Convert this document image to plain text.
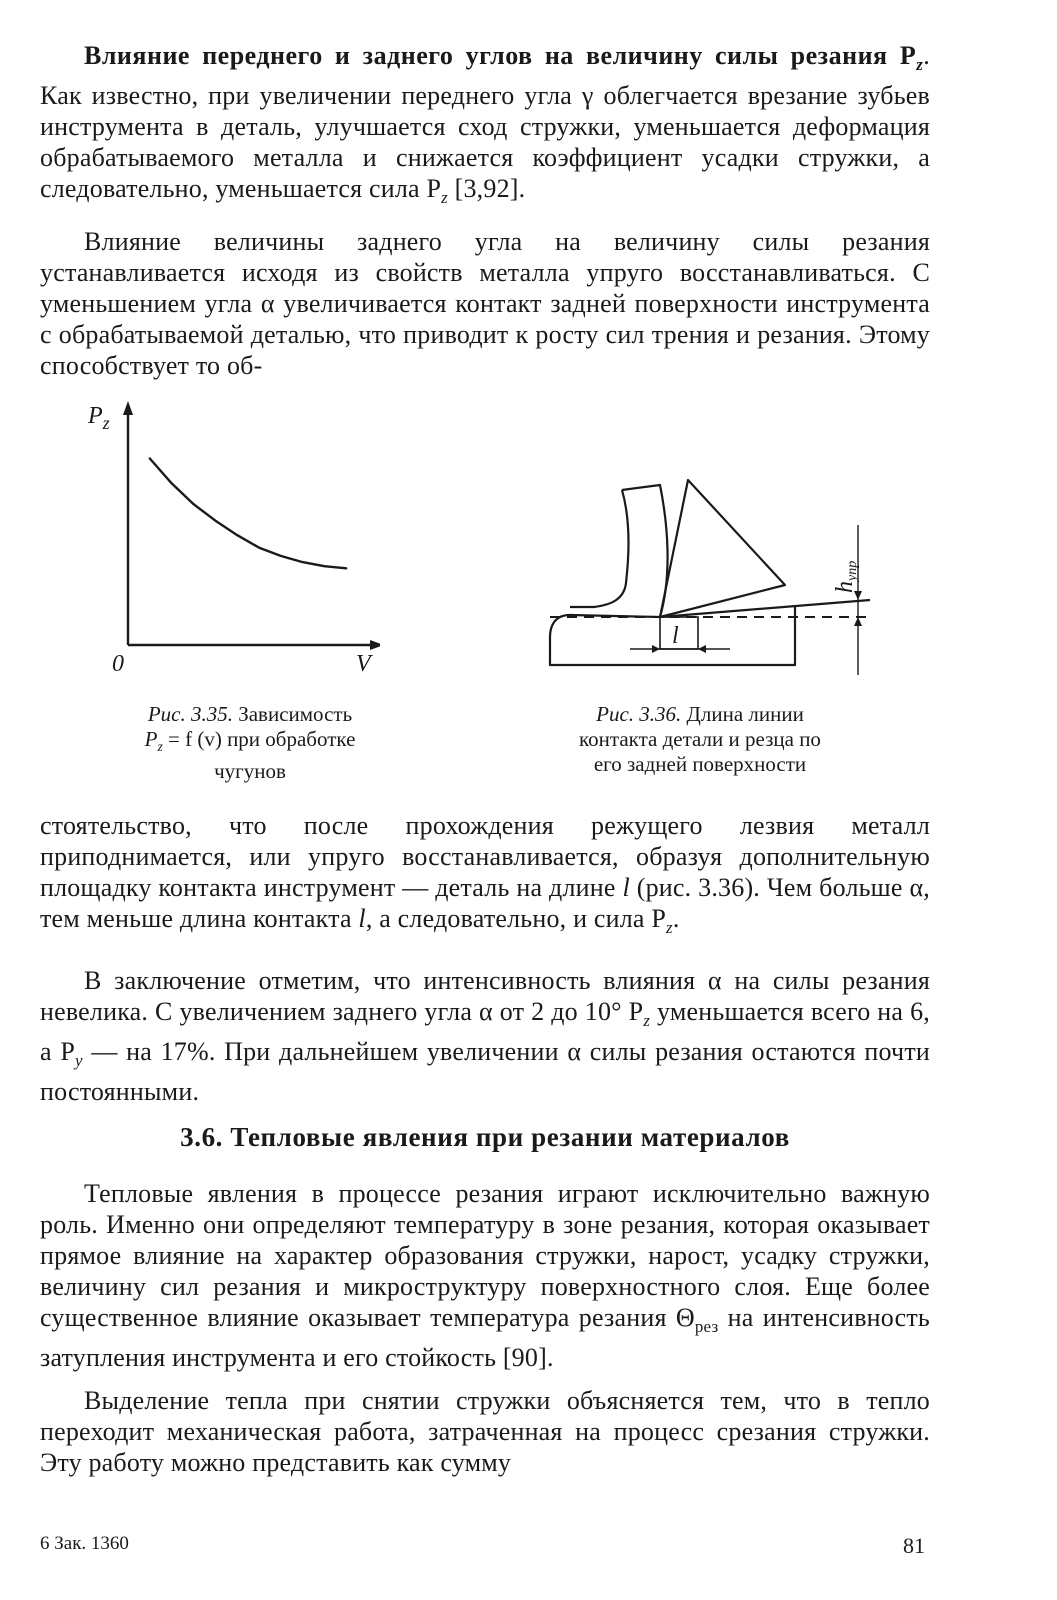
Влияние переднего и заднего углов на величину силы резания $P_z$. Как известно, при увеличении переднего угла γ облегчается врезание зубьев инструмента в деталь, улучшается сход стружки, уменьшается деформация обрабатываемого металла и снижается коэффициент усадки стружки, а следовательно, уменьшается сила $P_z$ [3,92].

Влияние величины заднего угла на величину силы резания устанавливается исходя из свойств металла упруго восстанавливаться. С уменьшением угла α увеличивается контакт задней поверхности инструмента с обрабатываемой деталью, что приводит к росту сил трения и резания. Этому способствует то об-

$P_z$
0	V
Рис. 3.35. Зависимость
$P_z = f$ (v) при обработке
чугунов
l
hупр
Рис. 3.36. Длина линии
контакта детали и резца по
его задней поверхности

стоятельство, что после прохождения режущего лезвия металл приподнимается, или упруго восстанавливается, образуя дополнительную площадку контакта инструмент — деталь на длине l (рис. 3.36). Чем больше α, тем меньше длина контакта l, а следовательно, и сила $P_z$.

В заключение отметим, что интенсивность влияния α на силы резания невелика. С увеличением заднего угла α от 2 до 10° $P_z$ уменьшается всего на 6, а $P_y$ — на 17%. При дальнейшем увеличении α силы резания остаются почти постоянными.

3.6. Тепловые явления при резании материалов

Тепловые явления в процессе резания играют исключительно важную роль. Именно они определяют температуру в зоне резания, которая оказывает прямое влияние на характер образования стружки, нарост, усадку стружки, величину сил резания и микроструктуру поверхностного слоя. Еще более существенное влияние оказывает температура резания $\Theta_{рез}$ на интенсивность затупления инструмента и его стойкость [90].

Выделение тепла при снятии стружки объясняется тем, что в тепло переходит механическая работа, затраченная на процесс срезания стружки. Эту работу можно представить как сумму

6 Зак. 1360	81
